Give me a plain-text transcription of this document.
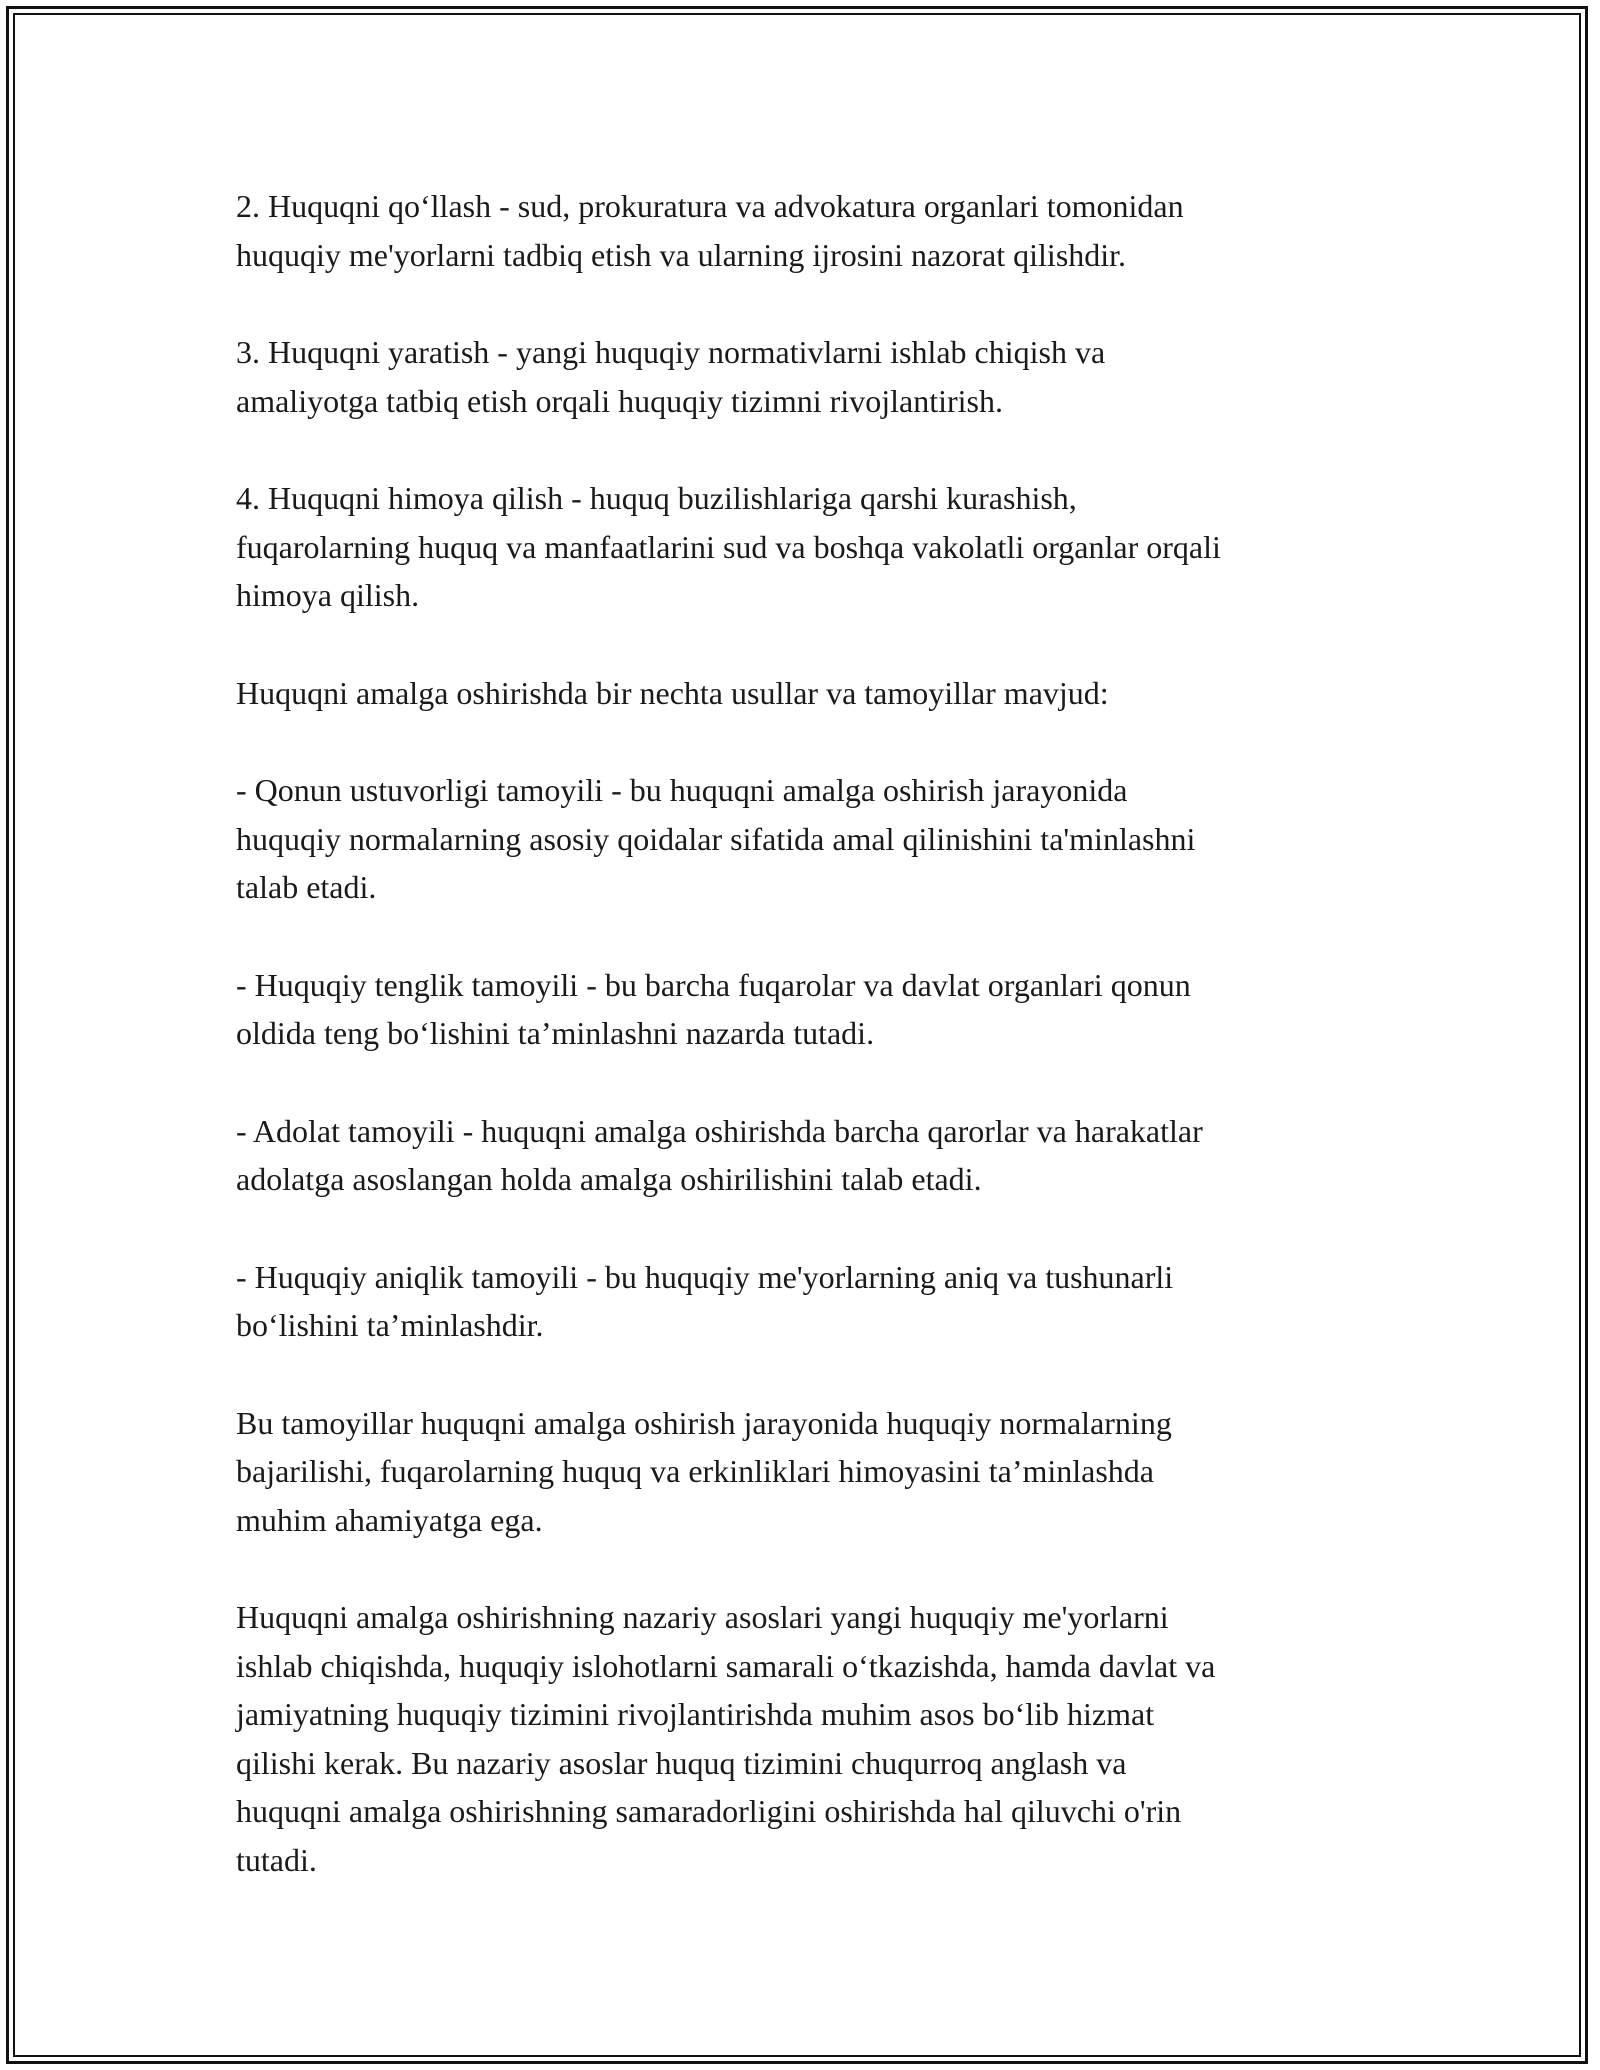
2. Huquqni qo‘llash - sud, prokuratura va advokatura organlari tomonidan
huquqiy me'yorlarni tadbiq etish va ularning ijrosini nazorat qilishdir.

3. Huquqni yaratish - yangi huquqiy normativlarni ishlab chiqish va
amaliyotga tatbiq etish orqali huquqiy tizimni rivojlantirish.

4. Huquqni himoya qilish - huquq buzilishlariga qarshi kurashish,
fuqarolarning huquq va manfaatlarini sud va boshqa vakolatli organlar orqali
himoya qilish.

Huquqni amalga oshirishda bir nechta usullar va tamoyillar mavjud:

- Qonun ustuvorligi tamoyili - bu huquqni amalga oshirish jarayonida
huquqiy normalarning asosiy qoidalar sifatida amal qilinishini ta'minlashni
talab etadi.

- Huquqiy tenglik tamoyili - bu barcha fuqarolar va davlat organlari qonun
oldida teng bo‘lishini ta’minlashni nazarda tutadi.

- Adolat tamoyili - huquqni amalga oshirishda barcha qarorlar va harakatlar
adolatga asoslangan holda amalga oshirilishini talab etadi.

- Huquqiy aniqlik tamoyili - bu huquqiy me'yorlarning aniq va tushunarli
bo‘lishini ta’minlashdir.

Bu tamoyillar huquqni amalga oshirish jarayonida huquqiy normalarning
bajarilishi, fuqarolarning huquq va erkinliklari himoyasini ta’minlashda
muhim ahamiyatga ega.

Huquqni amalga oshirishning nazariy asoslari yangi huquqiy me'yorlarni
ishlab chiqishda, huquqiy islohotlarni samarali o‘tkazishda, hamda davlat va
jamiyatning huquqiy tizimini rivojlantirishda muhim asos bo‘lib hizmat
qilishi kerak. Bu nazariy asoslar huquq tizimini chuqurroq anglash va
huquqni amalga oshirishning samaradorligini oshirishda hal qiluvchi o'rin
tutadi.
